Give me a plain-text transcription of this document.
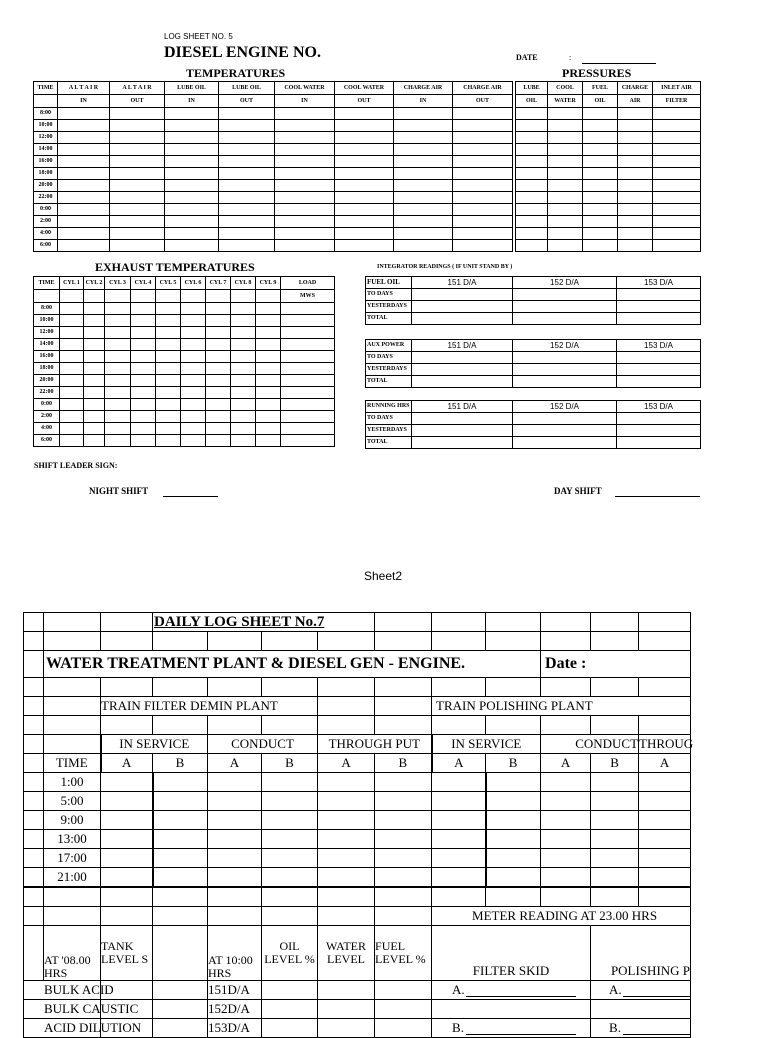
LOG SHEET NO. 5
DIESEL ENGINE NO.	DATE	:
TEMPERATURES	PRESSURES
TIME	A L T A I R	A L T A I R	LUBE OIL	LUBE OIL	COOL WATER	COOL WATER	CHARGE AIR	CHARGE AIR
	IN	OUT	IN	OUT	IN	OUT	IN	OUT
8:00								
10:00								
12:00								
14:00								
16:00								
18:00								
20:00								
22:00								
0:00								
2:00								
4:00								
6:00								
LUBE	COOL	FUEL	CHARGE	INLET AIR
OIL	WATER	OIL	AIR	FILTER

EXHAUST TEMPERATURES	INTEGRATOR READINGS ( IF UNIT STAND BY )
TIME	CYL 1	CYL 2	CYL 3	CYL 4	CYL 5	CYL 6	CYL 7	CYL 8	CYL 9	LOAD
										MWS
8:00										
10:00										
12:00										
14:00										
16:00										
18:00										
20:00										
22:00										
0:00										
2:00										
4:00										
6:00										
FUEL OIL	151 D/A	152 D/A	153 D/A
TO DAYS			
YESTERDAYS			
TOTAL			
AUX POWER	151 D/A	152 D/A	153 D/A
TO DAYS			
YESTERDAYS			
TOTAL			
RUNNING HRS	151 D/A	152 D/A	153 D/A
TO DAYS			
YESTERDAYS			
TOTAL			
SHIFT LEADER SIGN:
NIGHT SHIFT	DAY SHIFT
Sheet2
			DAILY LOG SHEET No.7									

	WATER TREATMENT PLANT & DIESEL GEN - ENGINE.									Date :		

		TRAIN FILTER DEMIN PLANT						TRAIN POLISHING PLANT				

		IN SERVICE		CONDUCT		THROUGH PUT		IN SERVICE		CONDUCT		THROUG
	TIME	A	B	A	B	A	B	A	B	A	B	A
	1:00											
	5:00											
	9:00											
	13:00											
	17:00											
	21:00											

								METER READING AT 23.00 HRS				
	AT '08.00 HRS	TANK LEVEL S		AT 10:00 HRS	OIL LEVEL %	WATER LEVEL	FUEL LEVEL %	FILTER SKID			POLISHING P	
BULK ACID				151D/A				A.			A.	
BULK CAUSTIC				152D/A								
ACID DILUTION				153D/A				B.			B.	
